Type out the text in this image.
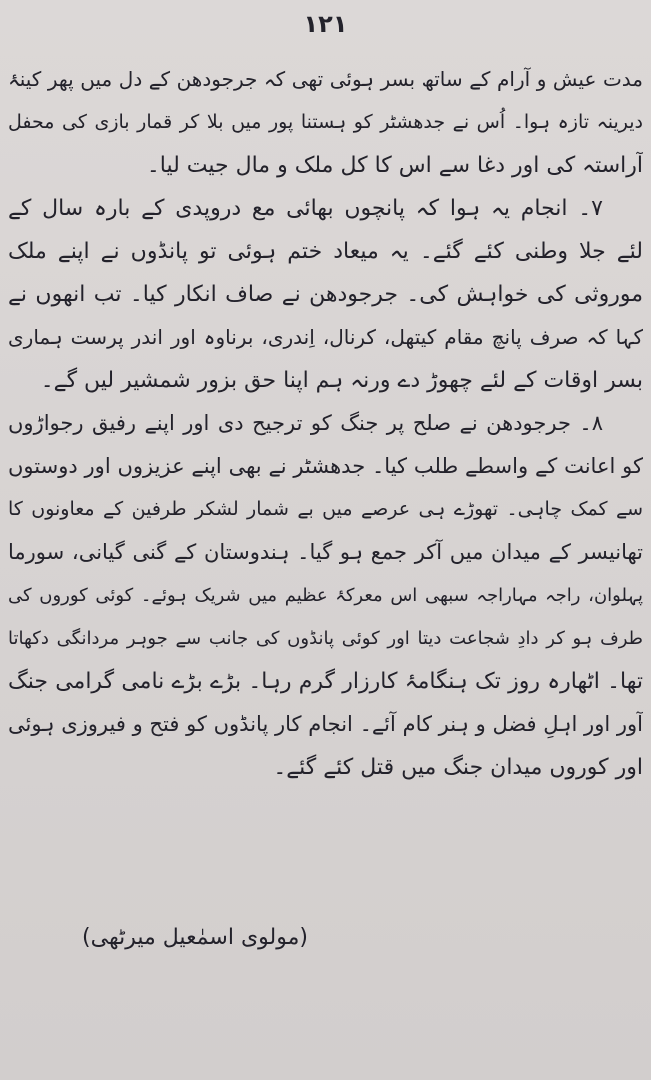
۱۲۱
مدت عیش و آرام کے ساتھ بسر ہوئی تھی کہ جرجودھن کے دل میں پھر کینۂ
دیرینہ تازہ ہوا۔ اُس نے جدھشٹر کو ہستنا پور میں بلا کر قمار بازی کی محفل
آراستہ کی اور دغا سے اس کا کل ملک و مال جیت لیا۔
۷۔ انجام یہ ہوا کہ پانچوں بھائی مع دروپدی کے بارہ سال کے
لئے جلا وطنی کئے گئے۔ یہ میعاد ختم ہوئی تو پانڈوں نے اپنے ملک
موروثی کی خواہش کی۔ جرجودھن نے صاف انکار کیا۔ تب انھوں نے
کہا کہ صرف پانچ مقام کیتھل، کرنال، اِندری، برناوہ اور اندر پرست ہماری
بسر اوقات کے لئے چھوڑ دے ورنہ ہم اپنا حق بزور شمشیر لیں گے۔
۸۔ جرجودھن نے صلح پر جنگ کو ترجیح دی اور اپنے رفیق رجواڑوں
کو اعانت کے واسطے طلب کیا۔ جدھشٹر نے بھی اپنے عزیزوں اور دوستوں
سے کمک چاہی۔ تھوڑے ہی عرصے میں بے شمار لشکر طرفین کے معاونوں کا
تھانیسر کے میدان میں آکر جمع ہو گیا۔ ہندوستان کے گنی گیانی، سورما
پہلوان، راجہ مہاراجہ سبھی اس معرکۂ عظیم میں شریک ہوئے۔ کوئی کوروں کی
طرف ہو کر دادِ شجاعت دیتا اور کوئی پانڈوں کی جانب سے جوہر مردانگی دکھاتا
تھا۔ اٹھارہ روز تک ہنگامۂ کارزار گرم رہا۔ بڑے بڑے نامی گرامی جنگ
آور اور اہلِ فضل و ہنر کام آئے۔ انجام کار پانڈوں کو فتح و فیروزی ہوئی
اور کوروں میدان جنگ میں قتل کئے گئے۔
(مولوی اسمٰعیل میرٹھی)
